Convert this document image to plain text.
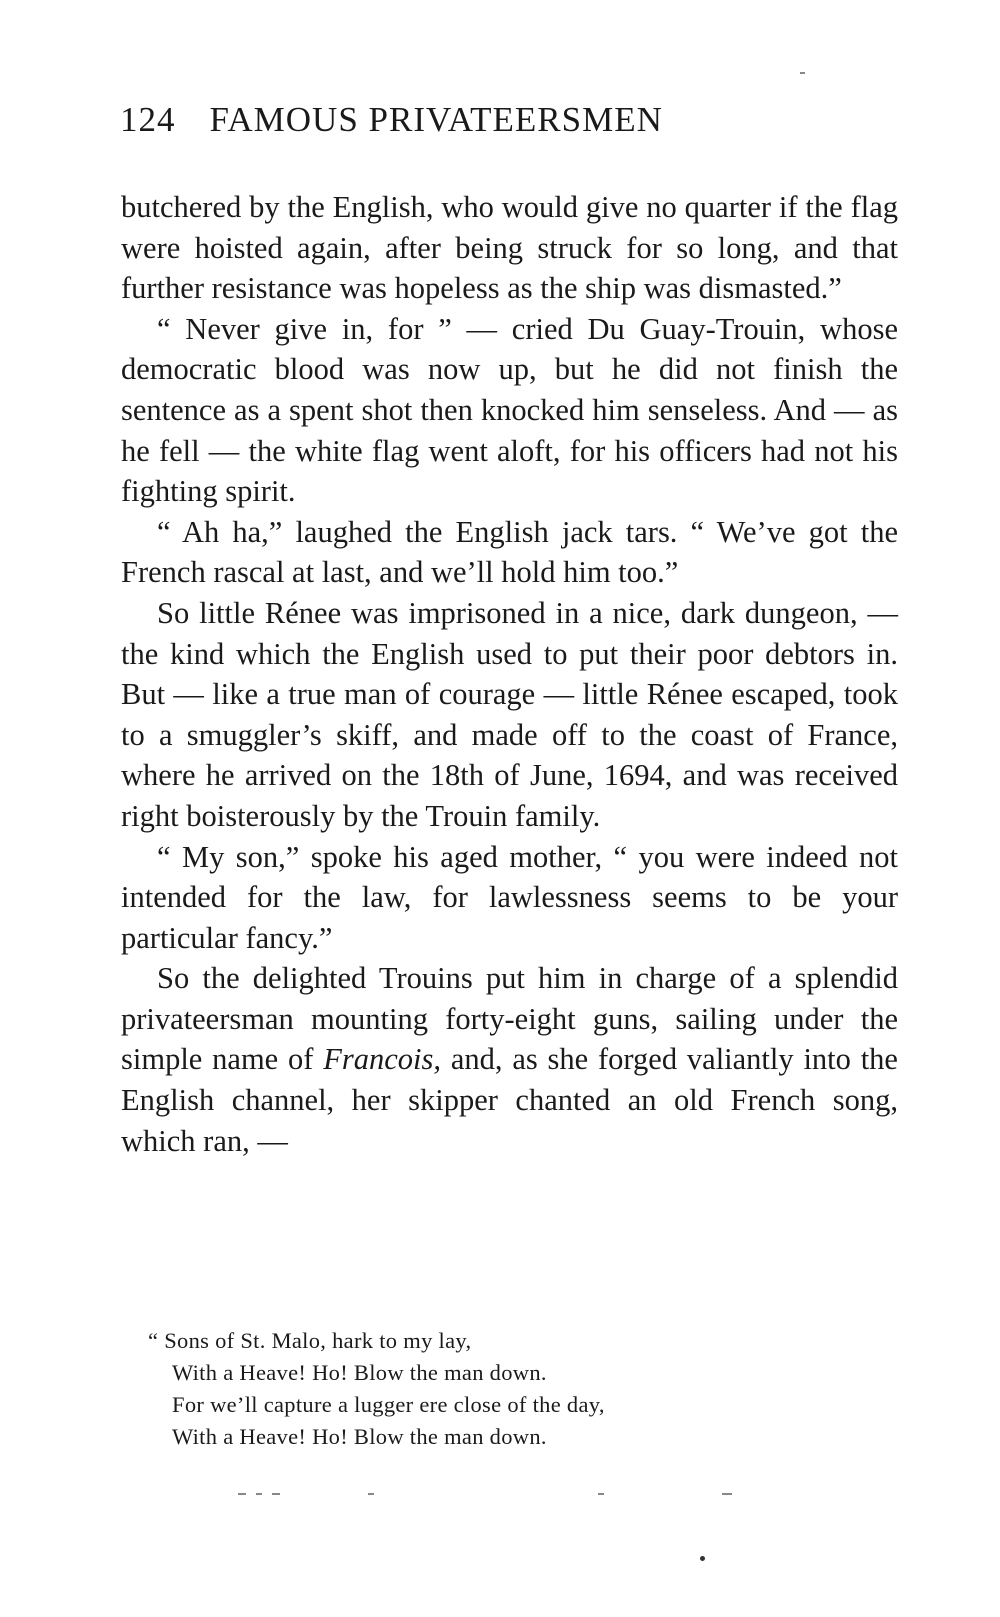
124 FAMOUS PRIVATEERSMEN

butchered by the English, who would give no quarter if the flag were hoisted again, after being struck for so long, and that further resistance was hopeless as the ship was dismasted.”

“ Never give in, for ” — cried Du Guay-Trouin, whose democratic blood was now up, but he did not finish the sentence as a spent shot then knocked him senseless. And — as he fell — the white flag went aloft, for his officers had not his fighting spirit.

“ Ah ha,” laughed the English jack tars. “ We’ve got the French rascal at last, and we’ll hold him too.”

So little Rénee was imprisoned in a nice, dark dungeon, — the kind which the English used to put their poor debtors in. But — like a true man of courage — little Rénee escaped, took to a smuggler’s skiff, and made off to the coast of France, where he arrived on the 18th of June, 1694, and was received right boisterously by the Trouin family.

“ My son,” spoke his aged mother, “ you were indeed not intended for the law, for lawlessness seems to be your particular fancy.”

So the delighted Trouins put him in charge of a splendid privateersman mounting forty-eight guns, sailing under the simple name of Francois, and, as she forged valiantly into the English channel, her skipper chanted an old French song, which ran, —

“ Sons of St. Malo, hark to my lay,
With a Heave! Ho! Blow the man down.
For we’ll capture a lugger ere close of the day,
With a Heave! Ho! Blow the man down.
